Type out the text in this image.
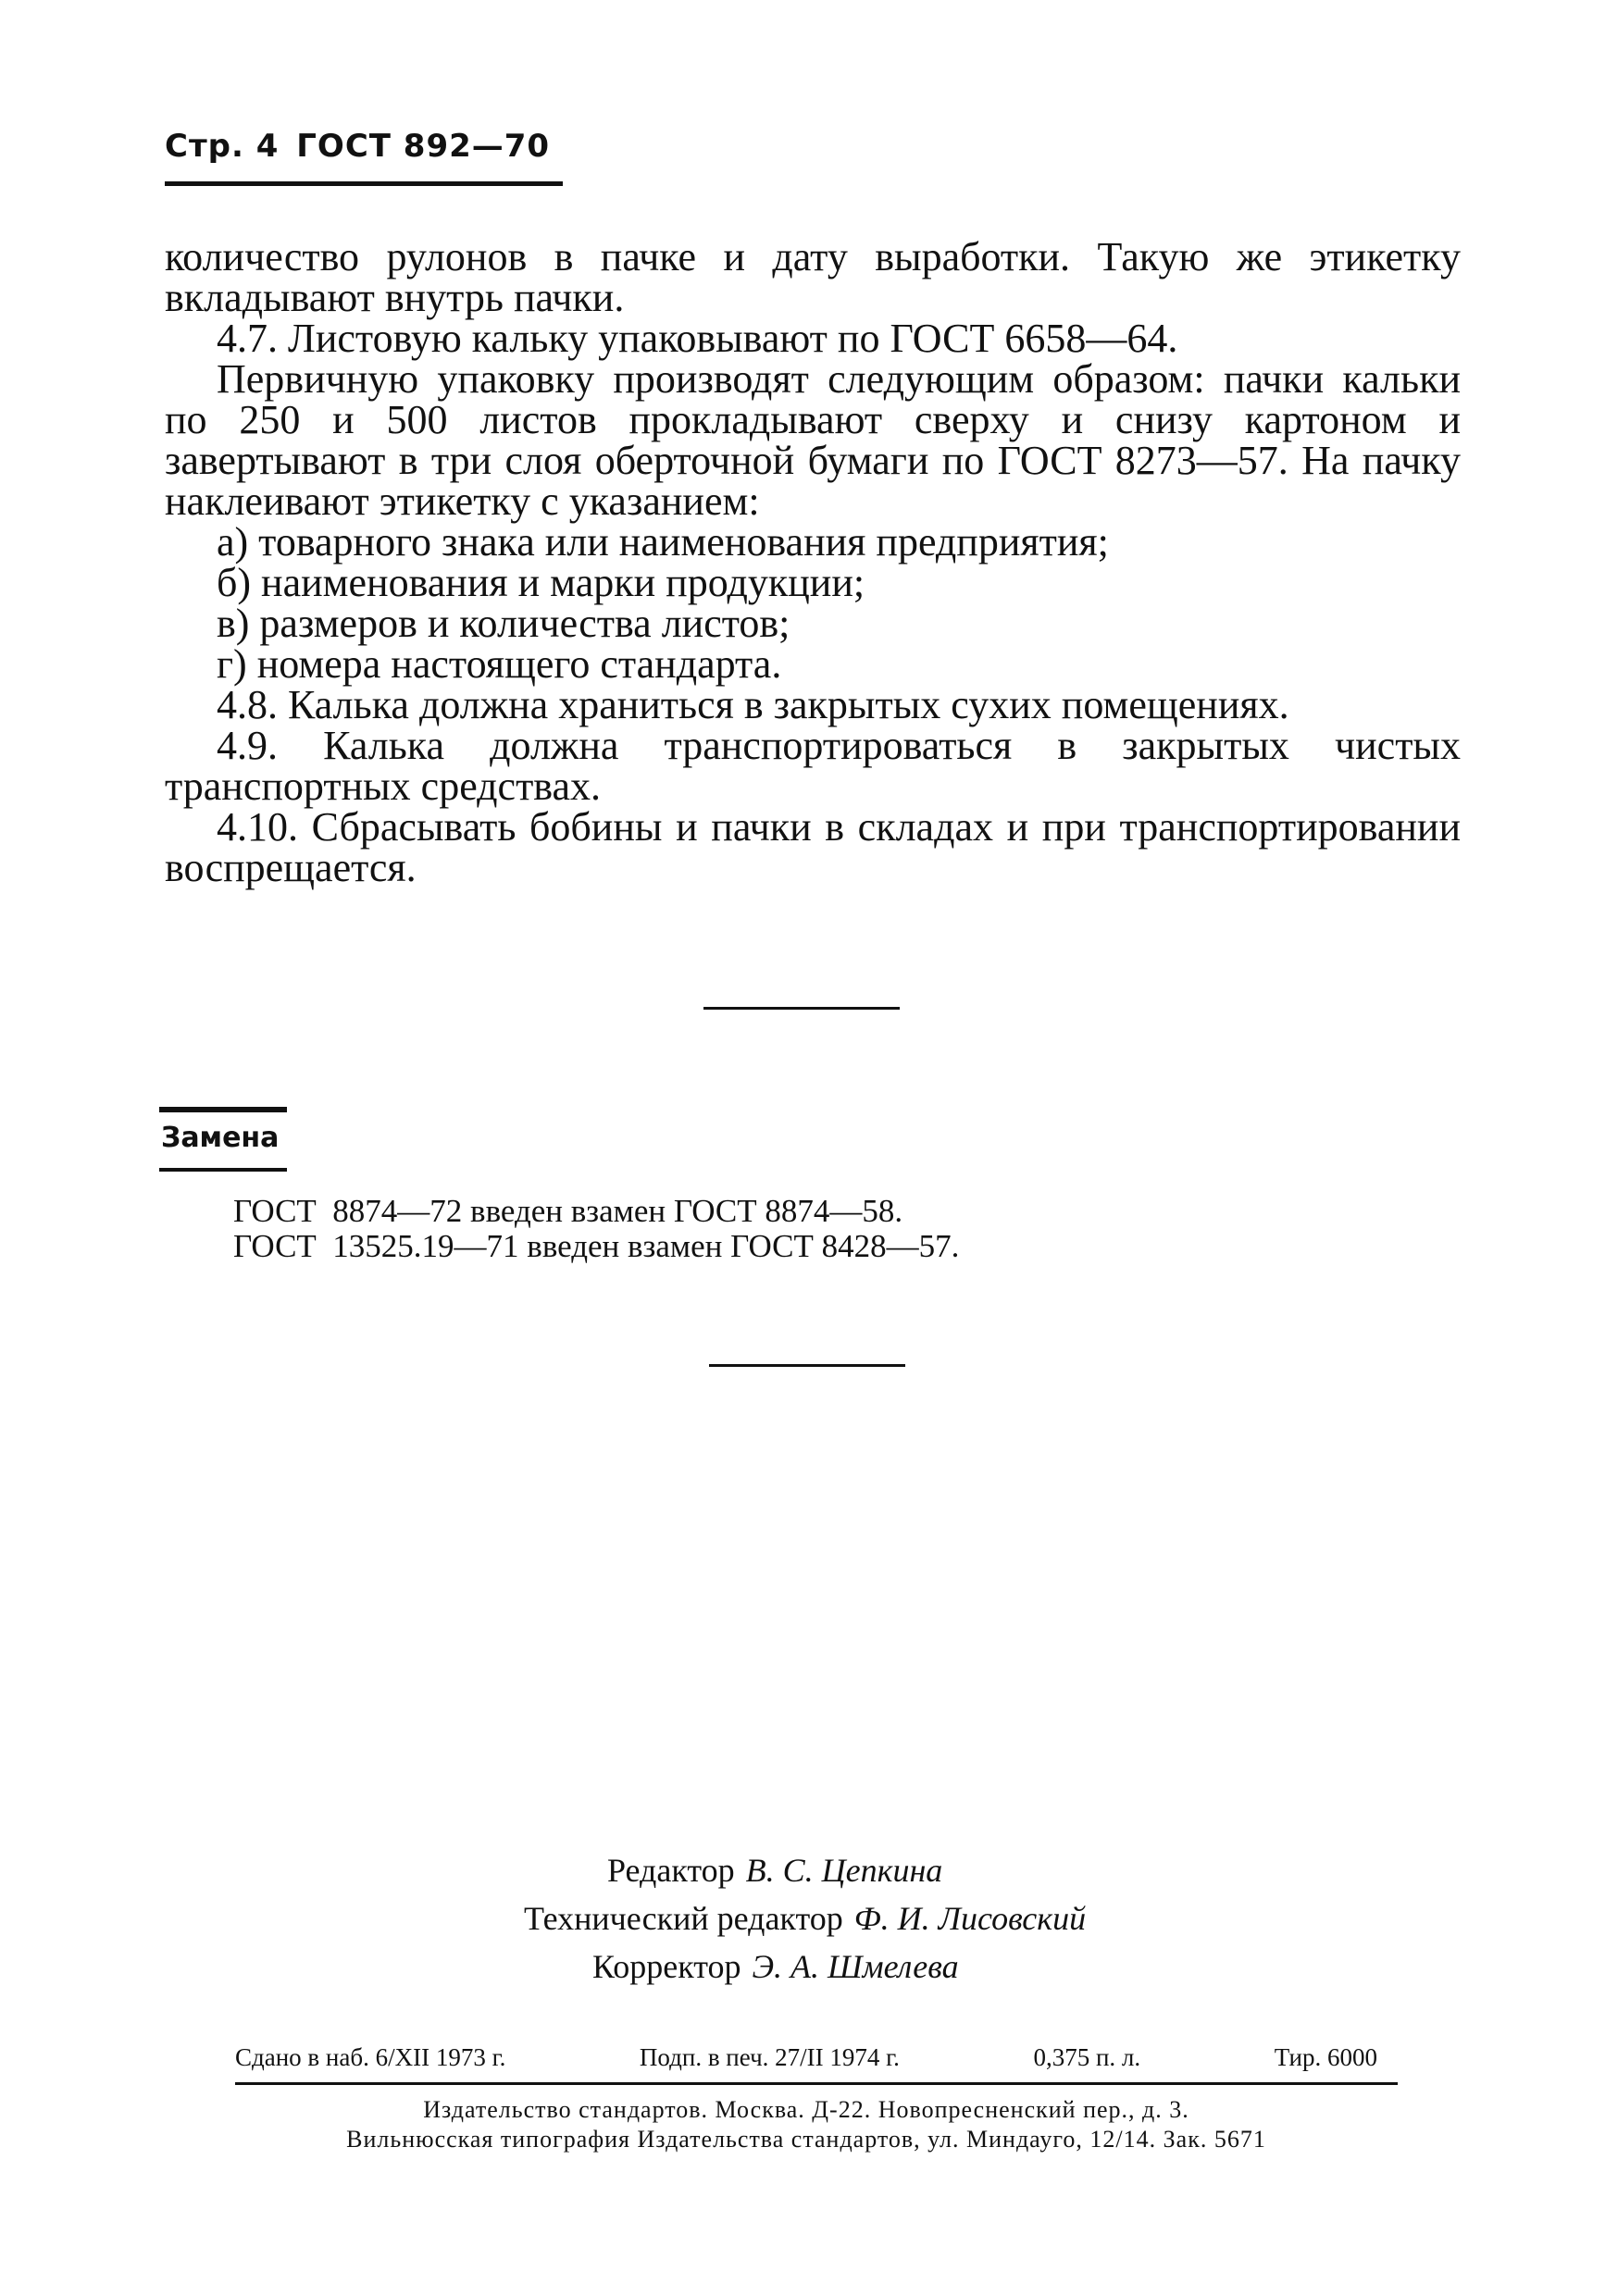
Стр. 4 ГОСТ 892—70

количество рулонов в пачке и дату выработки. Такую же этикетку

вкладывают внутрь пачки.

4.7. Листовую кальку упаковывают по ГОСТ 6658—64.

Первичную упаковку производят следующим образом: пачки кальки по 250 и 500 листов прокладывают сверху и снизу картоном и завертывают в три слоя оберточной бумаги по ГОСТ 8273—57. На пачку наклеивают этикетку с указанием:

а) товарного знака или наименования предприятия;

б) наименования и марки продукции;

в) размеров и количества листов;

г) номера настоящего стандарта.

4.8. Калька должна храниться в закрытых сухих помещениях.

4.9. Калька должна транспортироваться в закрытых чистых транспортных средствах.

4.10. Сбрасывать бобины и пачки в складах и при транспортировании воспрещается.

Замена
ГОСТ  8874—72 введен взамен ГОСТ 8874—58.
ГОСТ  13525.19—71 введен взамен ГОСТ 8428—57.
Редактор В. С. Цепкина
Технический редактор Ф. И. Лисовский
Корректор Э. А. Шмелева
Сдано в наб. 6/XII 1973 г.	Подп. в печ. 27/II 1974 г.	0,375 п. л.	Тир. 6000
Издательство стандартов. Москва. Д-22. Новопресненский пер., д. 3.
Вильнюсская типография Издательства стандартов, ул. Миндауго, 12/14. Зак. 5671
